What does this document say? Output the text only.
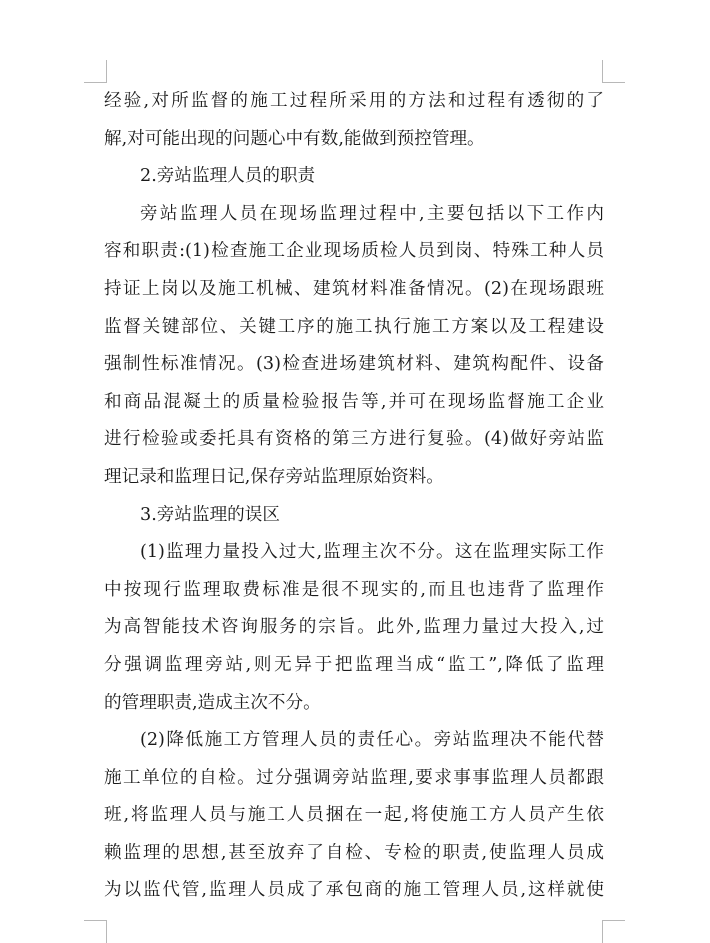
经验,对所监督的施工过程所采用的方法和过程有透彻的了
解,对可能出现的问题心中有数,能做到预控管理。
2.旁站监理人员的职责
旁站监理人员在现场监理过程中,主要包括以下工作内
容和职责:(1)检查施工企业现场质检人员到岗、特殊工种人员
持证上岗以及施工机械、建筑材料准备情况。(2)在现场跟班
监督关键部位、关键工序的施工执行施工方案以及工程建设
强制性标准情况。(3)检查进场建筑材料、建筑构配件、设备
和商品混凝土的质量检验报告等,并可在现场监督施工企业
进行检验或委托具有资格的第三方进行复验。(4)做好旁站监
理记录和监理日记,保存旁站监理原始资料。
3.旁站监理的误区
(1)监理力量投入过大,监理主次不分。这在监理实际工作
中按现行监理取费标准是很不现实的,而且也违背了监理作
为高智能技术咨询服务的宗旨。此外,监理力量过大投入,过
分强调监理旁站,则无异于把监理当成“监工”,降低了监理
的管理职责,造成主次不分。
(2)降低施工方管理人员的责任心。旁站监理决不能代替
施工单位的自检。过分强调旁站监理,要求事事监理人员都跟
班,将监理人员与施工人员捆在一起,将使施工方人员产生依
赖监理的思想,甚至放弃了自检、专检的职责,使监理人员成
为以监代管,监理人员成了承包商的施工管理人员,这样就使
